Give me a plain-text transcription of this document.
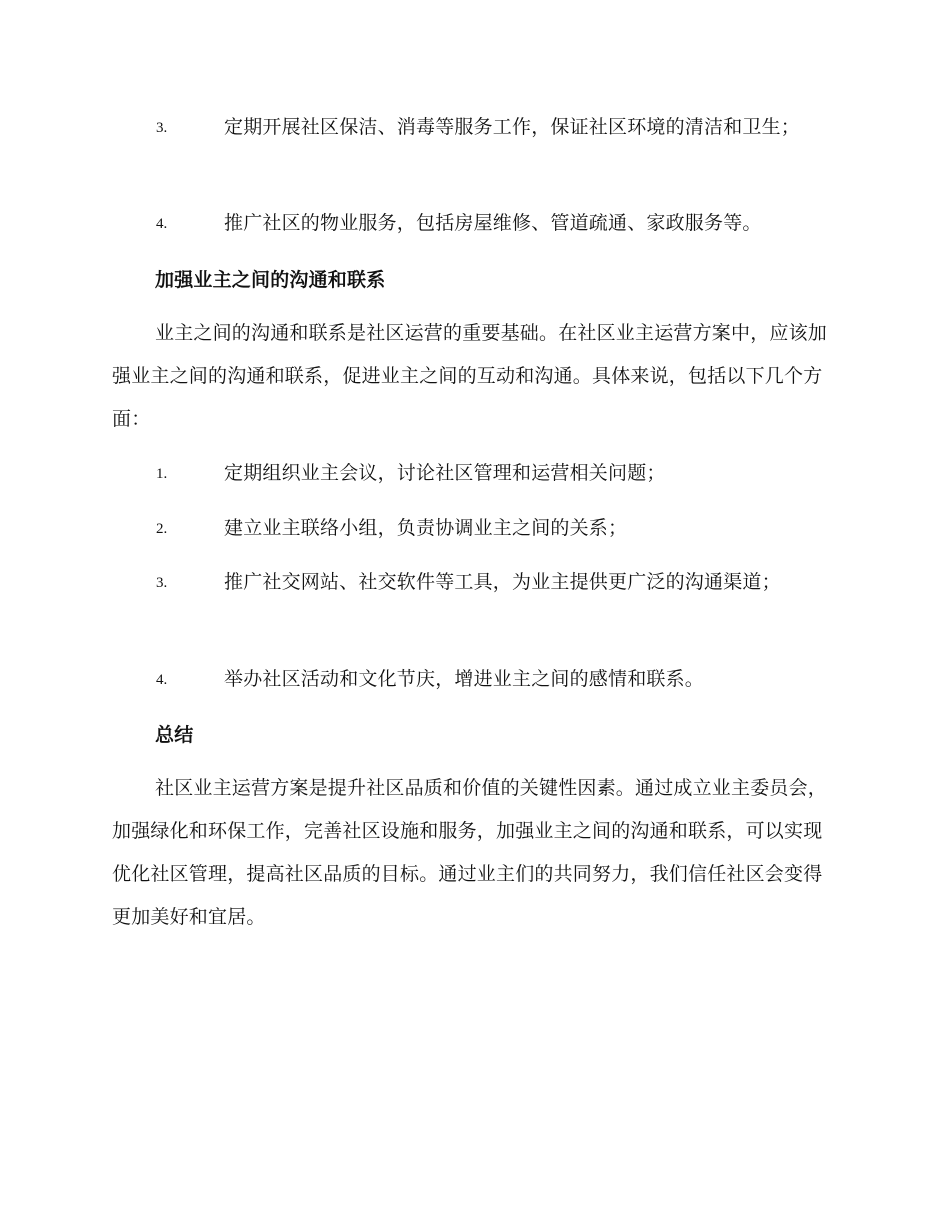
3.	定期开展社区保洁、消毒等服务工作，保证社区环境的清洁和卫生；
4.	推广社区的物业服务，包括房屋维修、管道疏通、家政服务等。
加强业主之间的沟通和联系
业主之间的沟通和联系是社区运营的重要基础。在社区业主运营方案中，应该加强业主之间的沟通和联系，促进业主之间的互动和沟通。具体来说，包括以下几个方面：
1.	定期组织业主会议，讨论社区管理和运营相关问题；
2.	建立业主联络小组，负责协调业主之间的关系；
3.	推广社交网站、社交软件等工具，为业主提供更广泛的沟通渠道；
4.	举办社区活动和文化节庆，增进业主之间的感情和联系。
总结
社区业主运营方案是提升社区品质和价值的关键性因素。通过成立业主委员会，加强绿化和环保工作，完善社区设施和服务，加强业主之间的沟通和联系，可以实现优化社区管理，提高社区品质的目标。通过业主们的共同努力，我们信任社区会变得更加美好和宜居。
